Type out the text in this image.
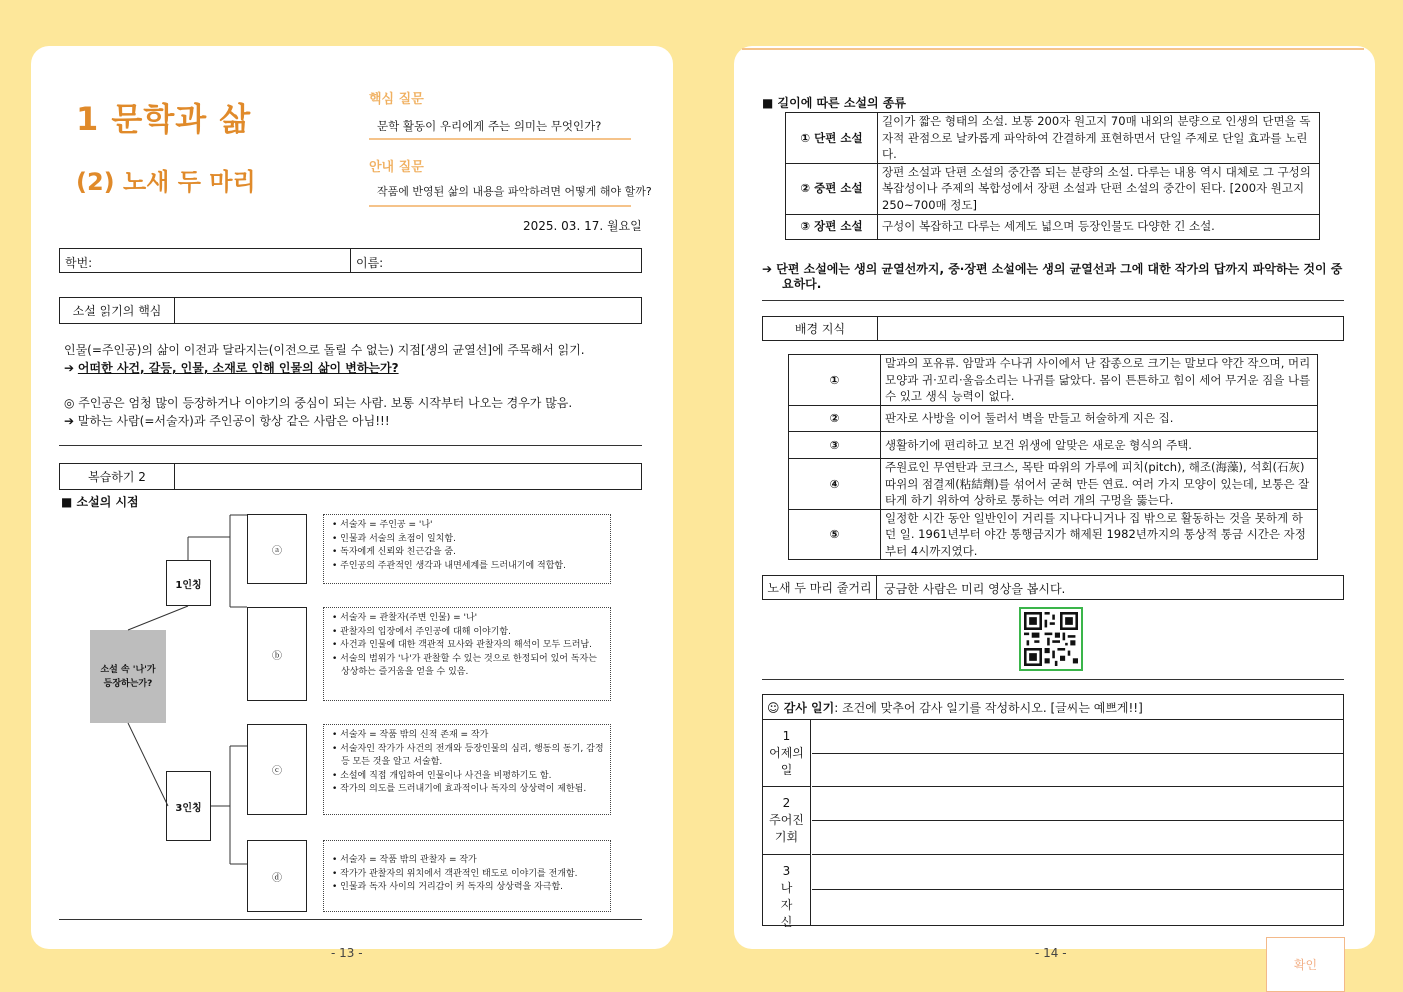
1 문학과 삶
(2) 노새 두 마리
핵심 질문
문학 활동이 우리에게 주는 의미는 무엇인가?
안내 질문
작품에 반영된 삶의 내용을 파악하려면 어떻게 해야 할까?
2025. 03. 17. 월요일
학번:	이름:
소설 읽기의 핵심
인물(=주인공)의 삶이 이전과 달라지는(이전으로 돌릴 수 없는) 지점[생의 균열선]에 주목해서 읽기.
➔ 어떠한 사건, 갈등, 인물, 소재로 인해 인물의 삶이 변하는가?
◎ 주인공은 엄청 많이 등장하거나 이야기의 중심이 되는 사람. 보통 시작부터 나오는 경우가 많음.
➔ 말하는 사람(=서술자)과 주인공이 항상 같은 사람은 아님!!!
복습하기 2
■ 소설의 시점
소설 속 '나'가 등장하는가?
1인칭
3인칭
ⓐ
ⓑ
ⓒ
ⓓ
• 서술자 = 주인공 = '나'
• 인물과 서술의 초점이 일치함.
• 독자에게 신뢰와 친근감을 줌.
• 주인공의 주관적인 생각과 내면세계를 드러내기에 적합함.
• 서술자 = 관찰자(주변 인물) = '나'
• 관찰자의 입장에서 주인공에 대해 이야기함.
• 사건과 인물에 대한 객관적 묘사와 관찰자의 해석이 모두 드러남.
• 서술의 범위가 '나'가 관찰할 수 있는 것으로 한정되어 있어 독자는 상상하는 즐거움을 얻을 수 있음.
• 서술자 = 작품 밖의 신적 존재 = 작가
• 서술자인 작가가 사건의 전개와 등장인물의 심리, 행동의 동기, 감정 등 모든 것을 알고 서술함.
• 소설에 직접 개입하여 인물이나 사건을 비평하기도 함.
• 작가의 의도를 드러내기에 효과적이나 독자의 상상력이 제한됨.
• 서술자 = 작품 밖의 관찰자 = 작가
• 작가가 관찰자의 위치에서 객관적인 태도로 이야기를 전개함.
• 인물과 독자 사이의 거리감이 커 독자의 상상력을 자극함.
- 13 -
■ 길이에 따른 소설의 종류
① 단편 소설	길이가 짧은 형태의 소설. 보통 200자 원고지 70매 내외의 분량으로 인생의 단면을 독자적 관점으로 날카롭게 파악하여 간결하게 표현하면서 단일 주제로 단일 효과를 노린다.
② 중편 소설	장편 소설과 단편 소설의 중간쯤 되는 분량의 소설. 다루는 내용 역시 대체로 그 구성의 복잡성이나 주제의 복합성에서 장편 소설과 단편 소설의 중간이 된다. [200자 원고지 250~700매 정도]
③ 장편 소설	구성이 복잡하고 다루는 세계도 넓으며 등장인물도 다양한 긴 소설.
➔ 단편 소설에는 생의 균열선까지, 중·장편 소설에는 생의 균열선과 그에 대한 작가의 답까지 파악하는 것이 중요하다.
배경 지식
①	말과의 포유류. 암말과 수나귀 사이에서 난 잡종으로 크기는 말보다 약간 작으며, 머리 모양과 귀·꼬리·울음소리는 나귀를 닮았다. 몸이 튼튼하고 힘이 세어 무거운 짐을 나를 수 있고 생식 능력이 없다.
②	판자로 사방을 이어 둘러서 벽을 만들고 허술하게 지은 집.
③	생활하기에 편리하고 보건 위생에 알맞은 새로운 형식의 주택.
④	주원료인 무연탄과 코크스, 목탄 따위의 가루에 피치(pitch), 해조(海藻), 석회(石灰) 따위의 점결제(粘結劑)를 섞어서 굳혀 만든 연료. 여러 가지 모양이 있는데, 보통은 잘 타게 하기 위하여 상하로 통하는 여러 개의 구멍을 뚫는다.
⑤	일정한 시간 동안 일반인이 거리를 지나다니거나 집 밖으로 활동하는 것을 못하게 하던 일. 1961년부터 야간 통행금지가 해제된 1982년까지의 통상적 통금 시간은 자정부터 4시까지였다.
노새 두 마리 줄거리	궁금한 사람은 미리 영상을 봅시다.
☺ 감사 일기: 조건에 맞추어 감사 일기를 작성하시오. [글씨는 예쁘게!!]
1
어제의 일
2
주어진 기회
3
나 자신
- 14 -
확인
